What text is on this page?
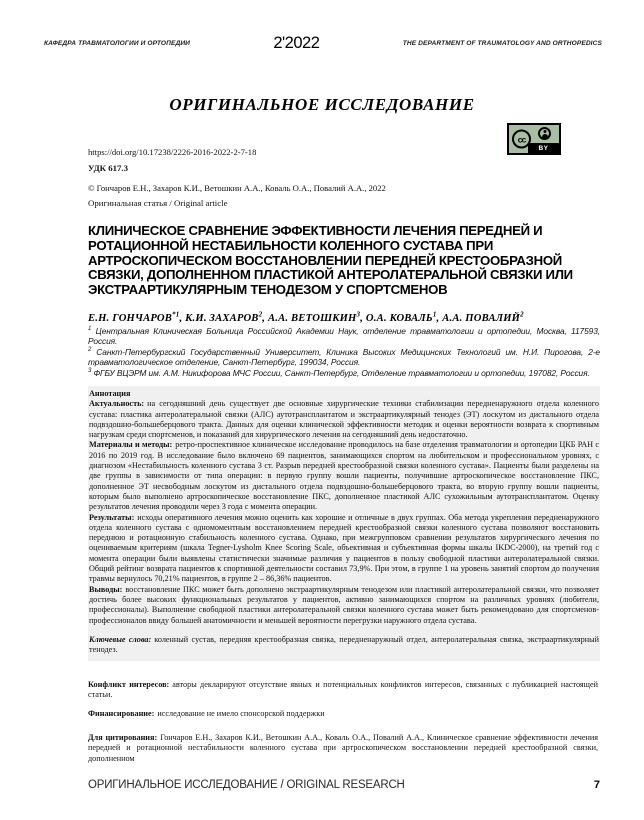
КАФЕДРА ТРАВМАТОЛОГИИ И ОРТОПЕДИИ	2'2022	THE DEPARTMENT OF TRAUMATOLOGY AND ORTHOPEDICS
ОРИГИНАЛЬНОЕ ИССЛЕДОВАНИЕ
cc
BY
https://doi.org/10.17238/2226-2016-2022-2-7-18
УДК 617.3
© Гончаров Е.Н., Захаров К.И., Ветошкин А.А., Коваль О.А., Повалий А.А., 2022
Оригинальная статья / Original article
КЛИНИЧЕСКОЕ СРАВНЕНИЕ ЭФФЕКТИВНОСТИ ЛЕЧЕНИЯ ПЕРЕДНЕЙ И РОТАЦИОННОЙ НЕСТАБИЛЬНОСТИ КОЛЕННОГО СУСТАВА ПРИ АРТРОСКОПИЧЕСКОМ ВОССТАНОВЛЕНИИ ПЕРЕДНЕЙ КРЕСТООБРАЗНОЙ СВЯЗКИ, ДОПОЛНЕННОМ ПЛАСТИКОЙ АНТЕРОЛАТЕРАЛЬНОЙ СВЯЗКИ ИЛИ ЭКСТРААРТИКУЛЯРНЫМ ТЕНОДЕЗОМ У СПОРТСМЕНОВ
Е.Н. ГОНЧАРОВ$^{*1}$ , К.И. ЗАХАРОВ$^2$ , А.А. ВЕТОШКИН$^3$ , О.А. КОВАЛЬ$^1$ , А.А. ПОВАЛИЙ$^2$
$^1$ Центральная Клиническая Больница Российской Академии Наук, отделение травматологии и ортопедии, Москва, 117593, Россия.
$^2$ Санкт-Петербургский Государственный Университет, Клиника Высоких Медицинских Технологий им. Н.И. Пирогова, 2-е травматологическое отделение, Санкт-Петербург, 199034, Россия.
$^3$ ФГБУ ВЦЭРМ им. А.М. Никифорова МЧС России, Санкт-Петербург, Отделение травматологии и ортопедии, 197082, Россия.

Аннотация

Актуальность: на сегодняшний день существует две основные хирургические техники стабилизации передненаружного отдела коленного сустава: пластика антеролатеральной связки (АЛС) аутотрансплантатом и экстраартикулярный тенодез (ЭТ) лоскутом из дистального отдела подвздошно-большеберцового тракта. Данных для оценки клинической эффективности методик и оценки вероятности возврата к спортивным нагрузкам среди спортсменов, и показаний для хирургического лечения на сегодняшний день недостаточно.

Материалы и методы: ретро-проспективное клиническое исследование проводилось на базе отделения травматологии и ортопедии ЦКБ РАН с 2016 по 2019 год. В исследование было включено 69 пациентов, занимающихся спортом на любительском и профессиональном уровнях, с диагнозом «Нестабильность коленного сустава 3 ст. Разрыв передней крестообразной связки коленного сустава». Пациенты были разделены на две группы в зависимости от типа операции: в первую группу вошли пациенты, получившие артроскопическое восстановление ПКС, дополненное ЭТ несвободным лоскутом из дистального отдела подвздошно-большеберцового тракта, во вторую группу вошли пациенты, которым было выполнено артроскопическое восстановление ПКС, дополненное пластикой АЛС сухожильным аутотрансплантатом. Оценку результатов лечения проводили через 3 года с момента операции.

Результаты: исходы оперативного лечения можно оценить как хорошие и отличные в двух группах. Оба метода укрепления передненаружного отдела коленного сустава с одномоментным восстановлением передней крестообразной связки коленного сустава позволяют восстановить переднюю и ротационную стабильность коленного сустава. Однако, при межгрупповом сравнении результатов хирургического лечения по оцениваемым критериям (шкала Tegner-Lysholm Knee Scoring Scale, объективная и субъективная формы шкалы IKDC-2000), на третий год с момента операции были выявлены статистически значимые различия у пациентов в пользу свободной пластики антеролатеральной связки. Общий рейтинг возврата пациентов к спортивной деятельности составил 73,9%. При этом, в группе 1 на уровень занятий спортом до получения травмы вернулось 70,21% пациентов, в группе 2 – 86,36% пациентов.

Выводы: восстановление ПКС может быть дополнено экстраартикулярным тенодезом или пластикой антеролатеральной связки, что позволяет достичь более высоких функциональных результатов у пациентов, активно занимающихся спортом на различных уровнях (любители, профессионалы). Выполнение свободной пластики антеролатеральной связки коленного сустава может быть рекомендовано для спортсменов-профессионалов ввиду большей анатомичности и меньшей вероятности перегрузки наружного отдела сустава.

Ключевые слова: коленный сустав, передняя крестообразная связка, передненаружный отдел, антеролатеральная связка, экстраартикулярный тенодез.

Конфликт интересов: авторы декларируют отсутствие явных и потенциальных конфликтов интересов, связанных с публикацией настоящей статьи.

Финансирование: исследование не имело спонсорской поддержки

Для цитирования: Гончаров Е.Н., Захаров К.И., Ветошкин А.А., Коваль О.А., Повалий А.А., Клиническое сравнение эффективности лечения передней и ротационной нестабильности коленного сустава при артроскопическом восстановлении передней крестообразной связки, дополненном

ОРИГИНАЛЬНОЕ ИССЛЕДОВАНИЕ / ORIGINAL RESEARCH	7
